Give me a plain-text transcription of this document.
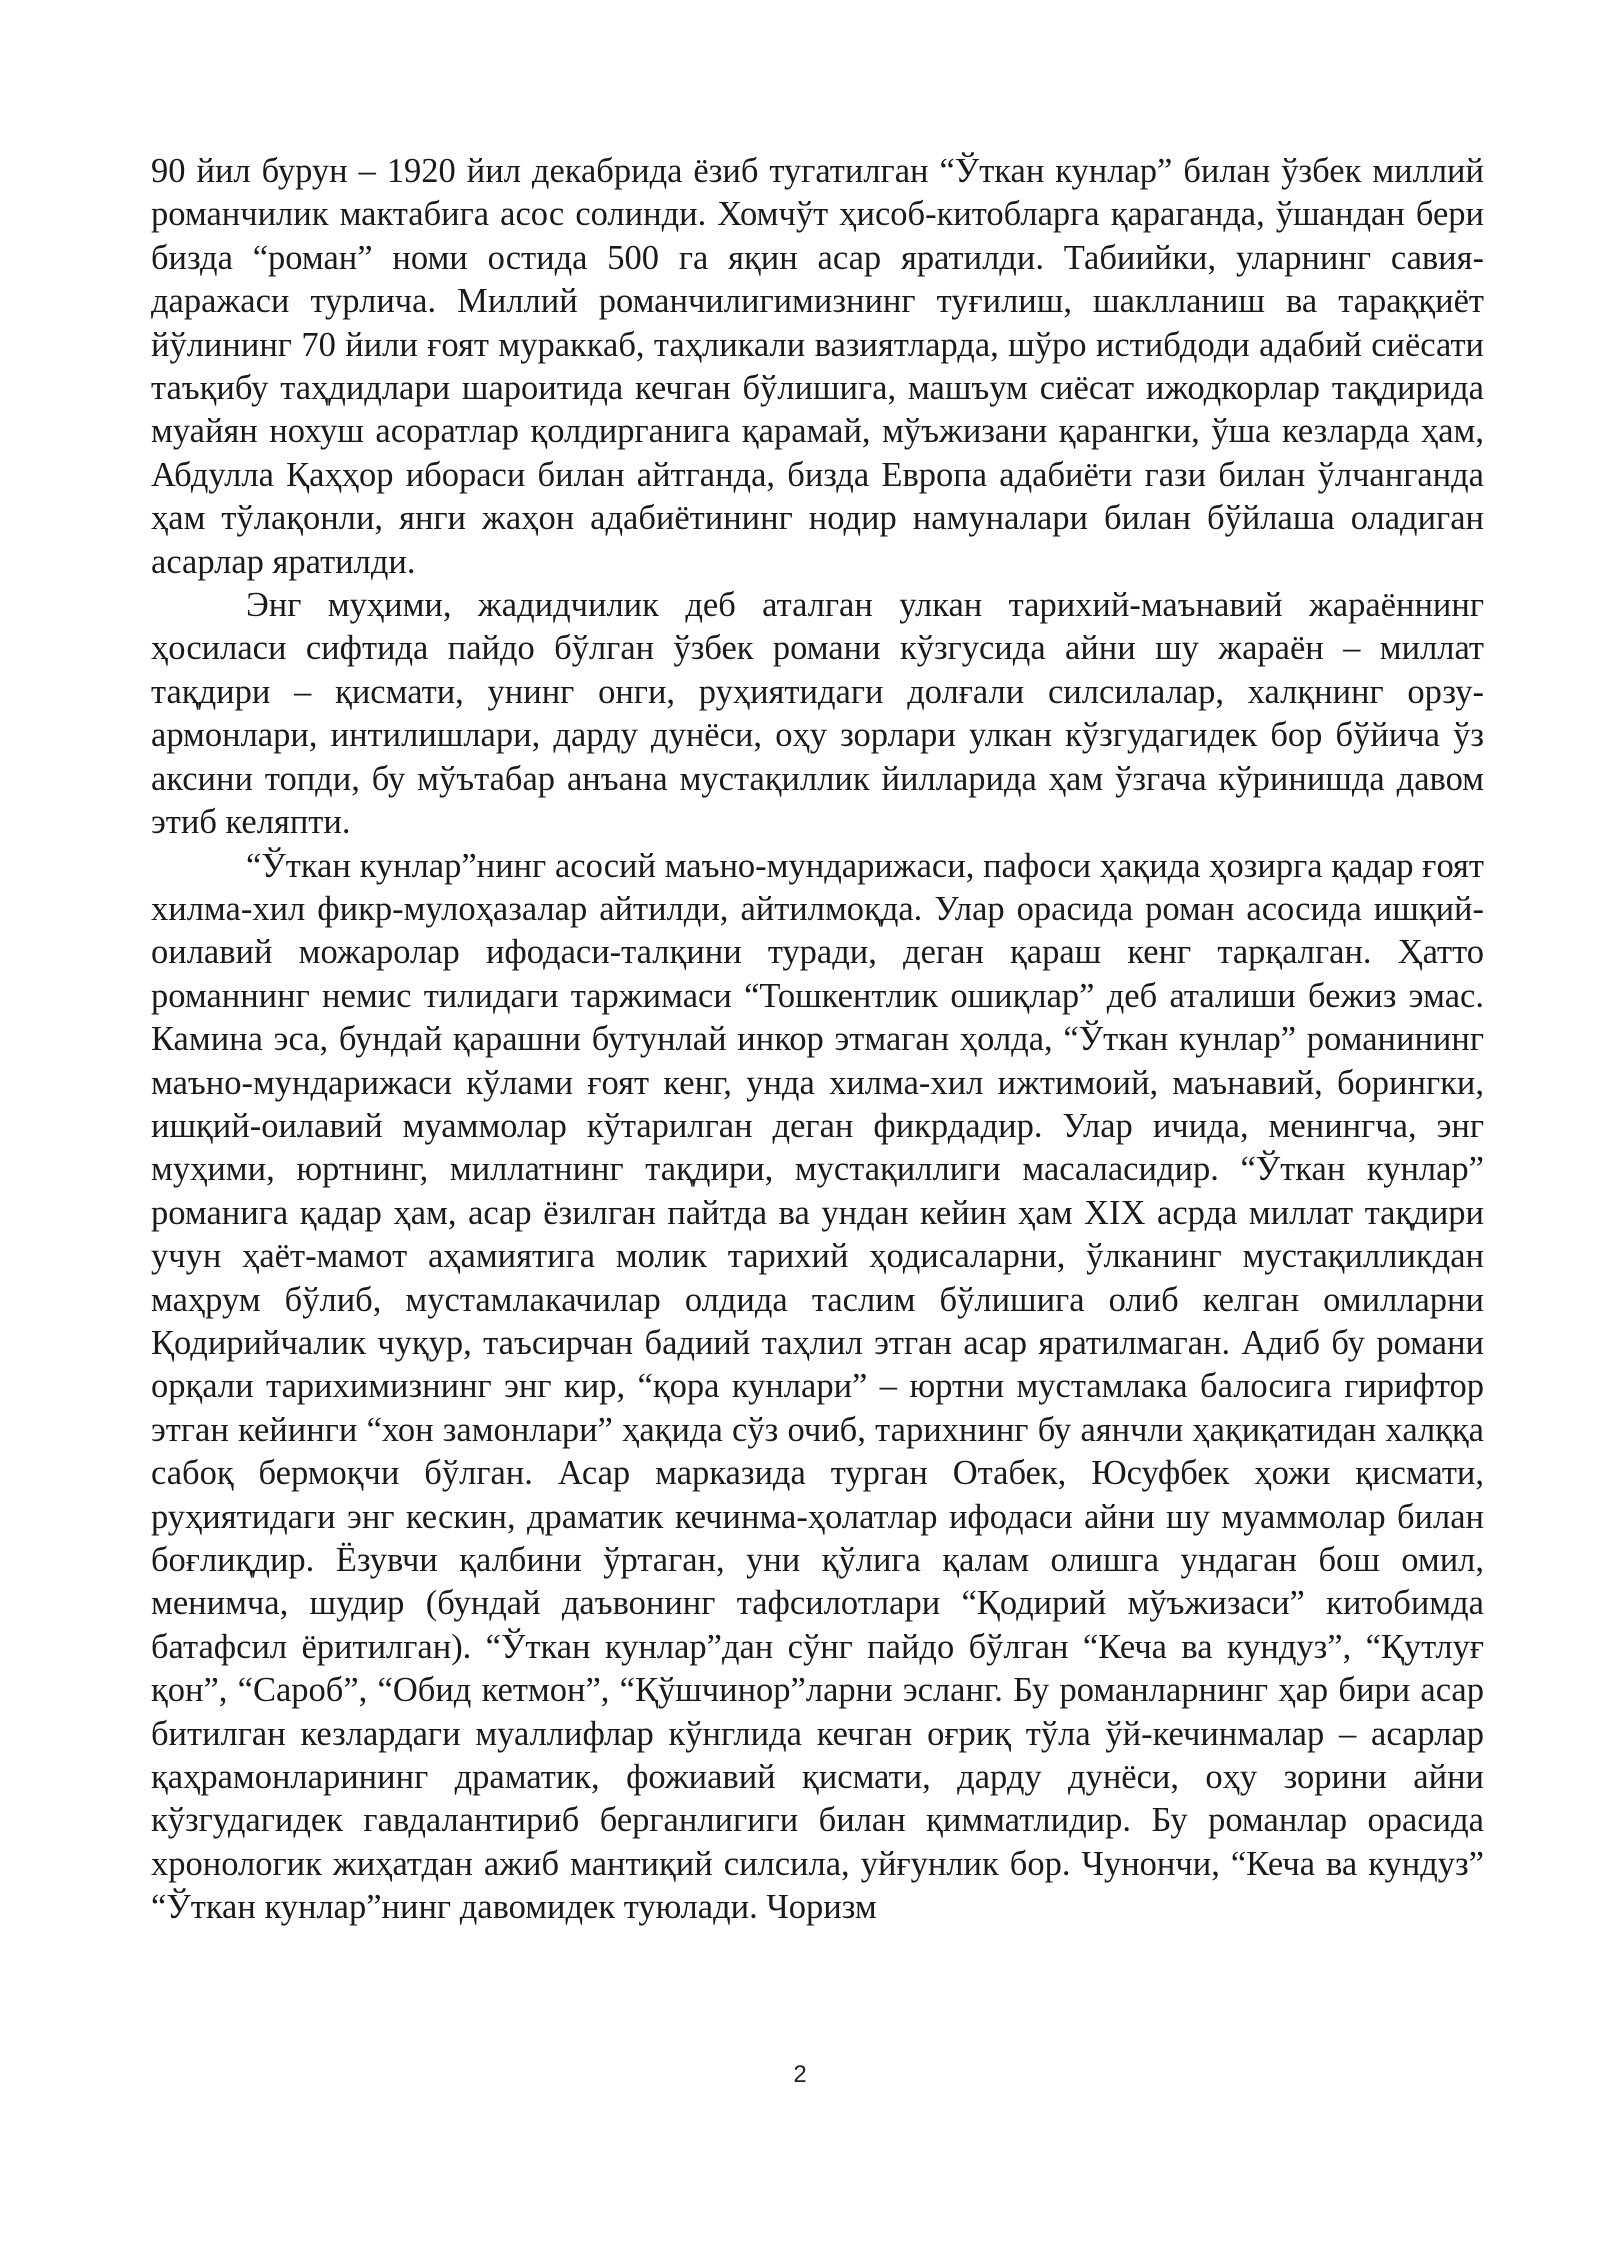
90 йил бурун – 1920 йил декабрида ёзиб тугатилган “Ўткан кунлар” билан ўзбек миллий романчилик мактабига асос солинди. Хомчўт ҳисоб-китобларга қараганда, ўшандан бери бизда “роман” номи остида 500 га яқин асар яратилди. Табиийки, уларнинг савия-даражаси турлича. Миллий романчилигимизнинг туғилиш, шаклланиш ва тараққиёт йўлининг 70 йили ғоят мураккаб, таҳликали вазиятларда, шўро истибдоди адабий сиёсати таъқибу таҳдидлари шароитида кечган бўлишига, машъум сиёсат ижодкорлар тақдирида муайян нохуш асоратлар қолдирганига қарамай, мўъжизани қарангки, ўша кезларда ҳам, Абдулла Қаҳҳор ибораси билан айтганда, бизда Европа адабиёти гази билан ўлчанганда ҳам тўлақонли, янги жаҳон адабиётининг нодир намуналари билан бўйлаша оладиган асарлар яратилди.

Энг муҳими, жадидчилик деб аталган улкан тарихий-маънавий жараённинг ҳосиласи сифтида пайдо бўлган ўзбек романи кўзгусида айни шу жараён – миллат тақдири – қисмати, унинг онги, руҳиятидаги долғали силсилалар, халқнинг орзу-армонлари, интилишлари, дарду дунёси, оҳу зорлари улкан кўзгудагидек бор бўйича ўз аксини топди, бу мўътабар анъана мустақиллик йилларида ҳам ўзгача кўринишда давом этиб келяпти.

“Ўткан кунлар”нинг асосий маъно-мундарижаси, пафоси ҳақида ҳозирга қадар ғоят хилма-хил фикр-мулоҳазалар айтилди, айтилмоқда. Улар орасида роман асосида ишқий-оилавий можаролар ифодаси-талқини туради, деган қараш кенг тарқалган. Ҳатто романнинг немис тилидаги таржимаси “Тошкентлик ошиқлар” деб аталиши бежиз эмас. Камина эса, бундай қарашни бутунлай инкор этмаган ҳолда, “Ўткан кунлар” романининг маъно-мундарижаси кўлами ғоят кенг, унда хилма-хил ижтимоий, маънавий, борингки, ишқий-оилавий муаммолар кўтарилган деган фикрдадир. Улар ичида, менингча, энг муҳими, юртнинг, миллатнинг тақдири, мустақиллиги масаласидир. “Ўткан кунлар” романига қадар ҳам, асар ёзилган пайтда ва ундан кейин ҳам XIX асрда миллат тақдири учун ҳаёт-мамот аҳамиятига молик тарихий ҳодисаларни, ўлканинг мустақилликдан маҳрум бўлиб, мустамлакачилар олдида таслим бўлишига олиб келган омилларни Қодирийчалик чуқур, таъсирчан бадиий таҳлил этган асар яратилмаган. Адиб бу романи орқали тарихимизнинг энг кир, “қора кунлари” – юртни мустамлака балосига гирифтор этган кейинги “хон замонлари” ҳақида сўз очиб, тарихнинг бу аянчли ҳақиқатидан халққа сабоқ бермоқчи бўлган. Асар марказида турган Отабек, Юсуфбек ҳожи қисмати, руҳиятидаги энг кескин, драматик кечинма-ҳолатлар ифодаси айни шу муаммолар билан боғлиқдир. Ёзувчи қалбини ўртаган, уни қўлига қалам олишга ундаган бош омил, менимча, шудир (бундай даъвонинг тафсилотлари “Қодирий мўъжизаси” китобимда батафсил ёритилган). “Ўткан кунлар”дан сўнг пайдо бўлган “Кеча ва кундуз”, “Қутлуғ қон”, “Сароб”, “Обид кетмон”, “Қўшчинор”ларни эсланг. Бу романларнинг ҳар бири асар битилган кезлардаги муаллифлар кўнглида кечган оғриқ тўла ўй-кечинмалар – асарлар қаҳрамонларининг драматик, фожиавий қисмати, дарду дунёси, оҳу зорини айни кўзгудагидек гавдалантириб берганлигиги билан қимматлидир. Бу романлар орасида хронологик жиҳатдан ажиб мантиқий силсила, уйғунлик бор. Чунончи, “Кеча ва кундуз” “Ўткан кунлар”нинг давомидек туюлади. Чоризм

2
